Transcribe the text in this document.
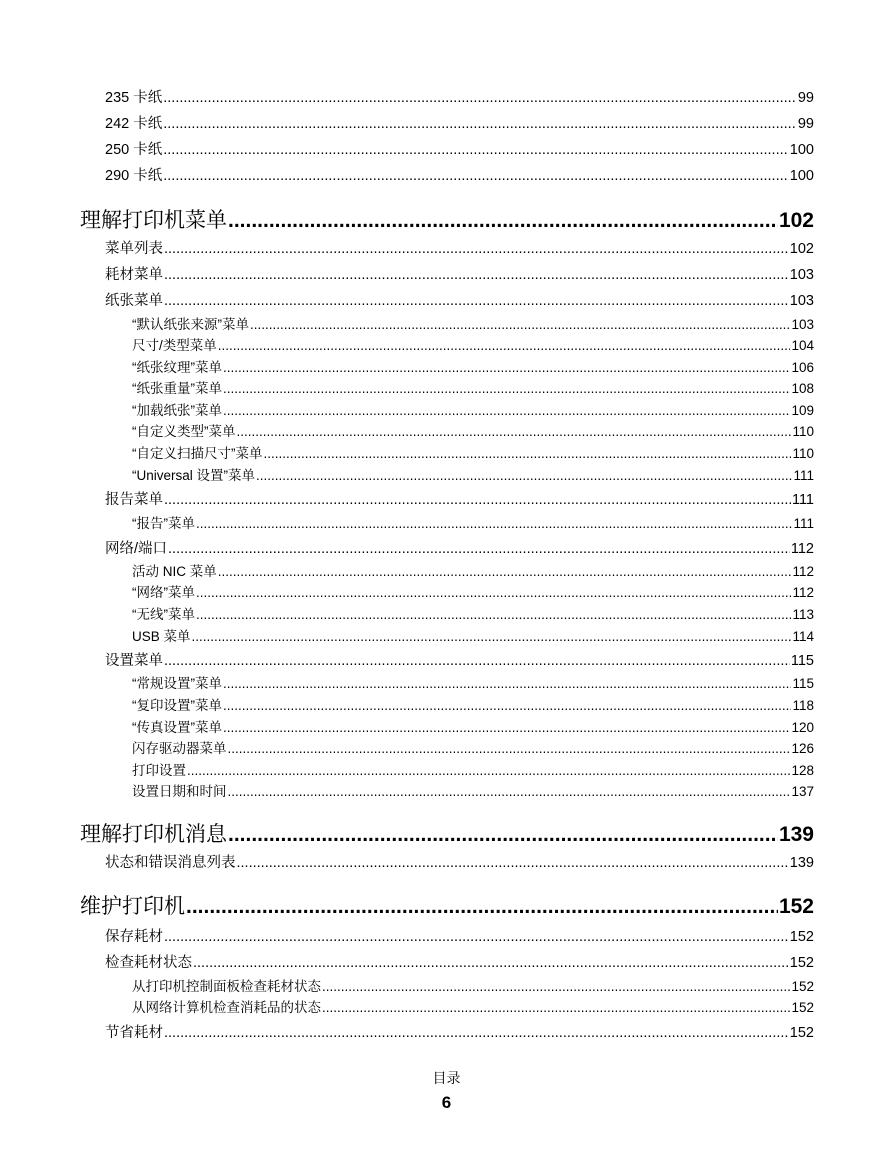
235 卡纸 .....	99
242 卡纸 .....	99
250 卡纸 .....	100
290 卡纸 .....	100
理解打印机菜单 .....	102
菜单列表 .....	102
耗材菜单 .....	103
纸张菜单 .....	103
“默认纸张来源”菜单 .....	103
尺寸/类型菜单 .....	104
“纸张纹理”菜单 .....	106
“纸张重量”菜单 .....	108
“加载纸张”菜单 .....	109
“自定义类型”菜单 .....	110
“自定义扫描尺寸”菜单 .....	110
“Universal 设置”菜单 .....	111
报告菜单 .....	111
“报告”菜单 .....	111
网络/端口 .....	112
活动 NIC 菜单 .....	112
“网络”菜单 .....	112
“无线”菜单 .....	113
USB 菜单 .....	114
设置菜单 .....	115
“常规设置”菜单 .....	115
“复印设置”菜单 .....	118
“传真设置”菜单 .....	120
闪存驱动器菜单 .....	126
打印设置 .....	128
设置日期和时间 .....	137
理解打印机消息 .....	139
状态和错误消息列表 .....	139
维护打印机 .....	152
保存耗材 .....	152
检查耗材状态 .....	152
从打印机控制面板检查耗材状态 .....	152
从网络计算机检查消耗品的状态 .....	152
节省耗材 .....	152
目录
6
